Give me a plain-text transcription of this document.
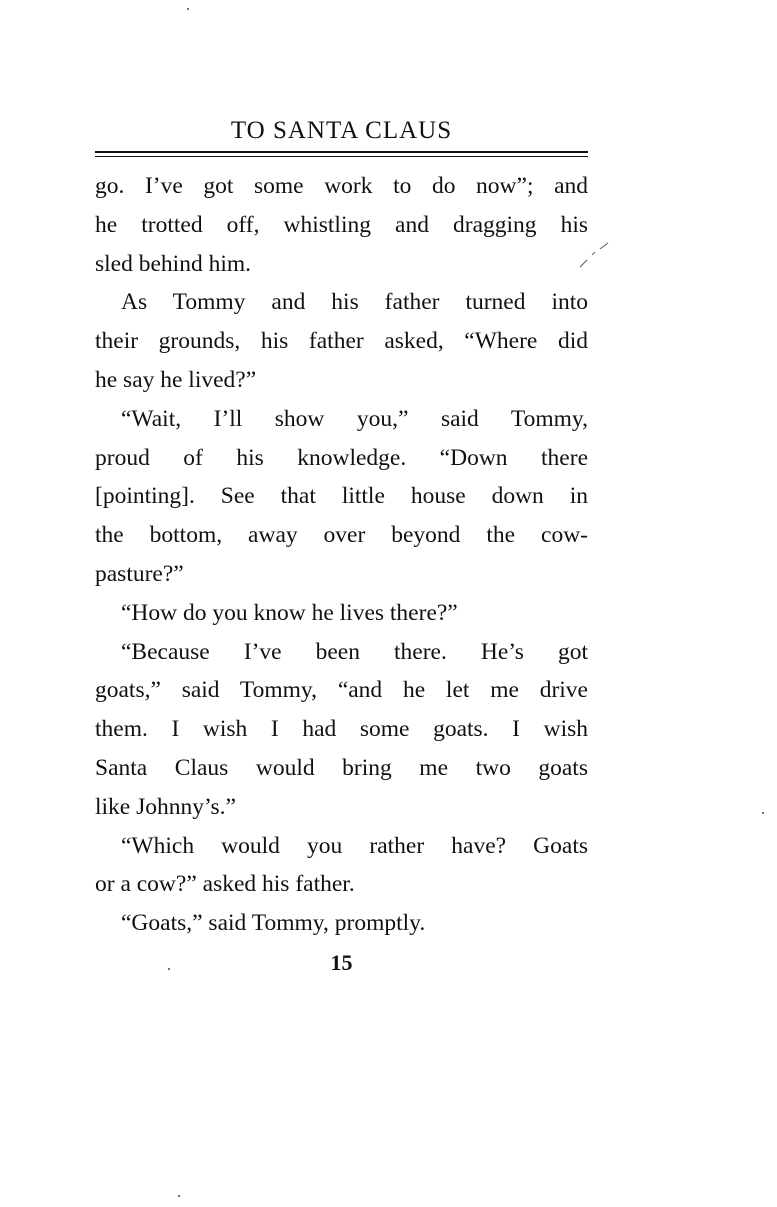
TO SANTA CLAUS
go. I’ve got some work to do now”; and
he trotted off, whistling and dragging his
sled behind him.
As Tommy and his father turned into
their grounds, his father asked, “Where did
he say he lived?”
“Wait, I’ll show you,” said Tommy,
proud of his knowledge. “Down there
[pointing]. See that little house down in
the bottom, away over beyond the cow-
pasture?”
“How do you know he lives there?”
“Because I’ve been there. He’s got
goats,” said Tommy, “and he let me drive
them. I wish I had some goats. I wish
Santa Claus would bring me two goats
like Johnny’s.”
“Which would you rather have? Goats
or a cow?” asked his father.
“Goats,” said Tommy, promptly.
15
